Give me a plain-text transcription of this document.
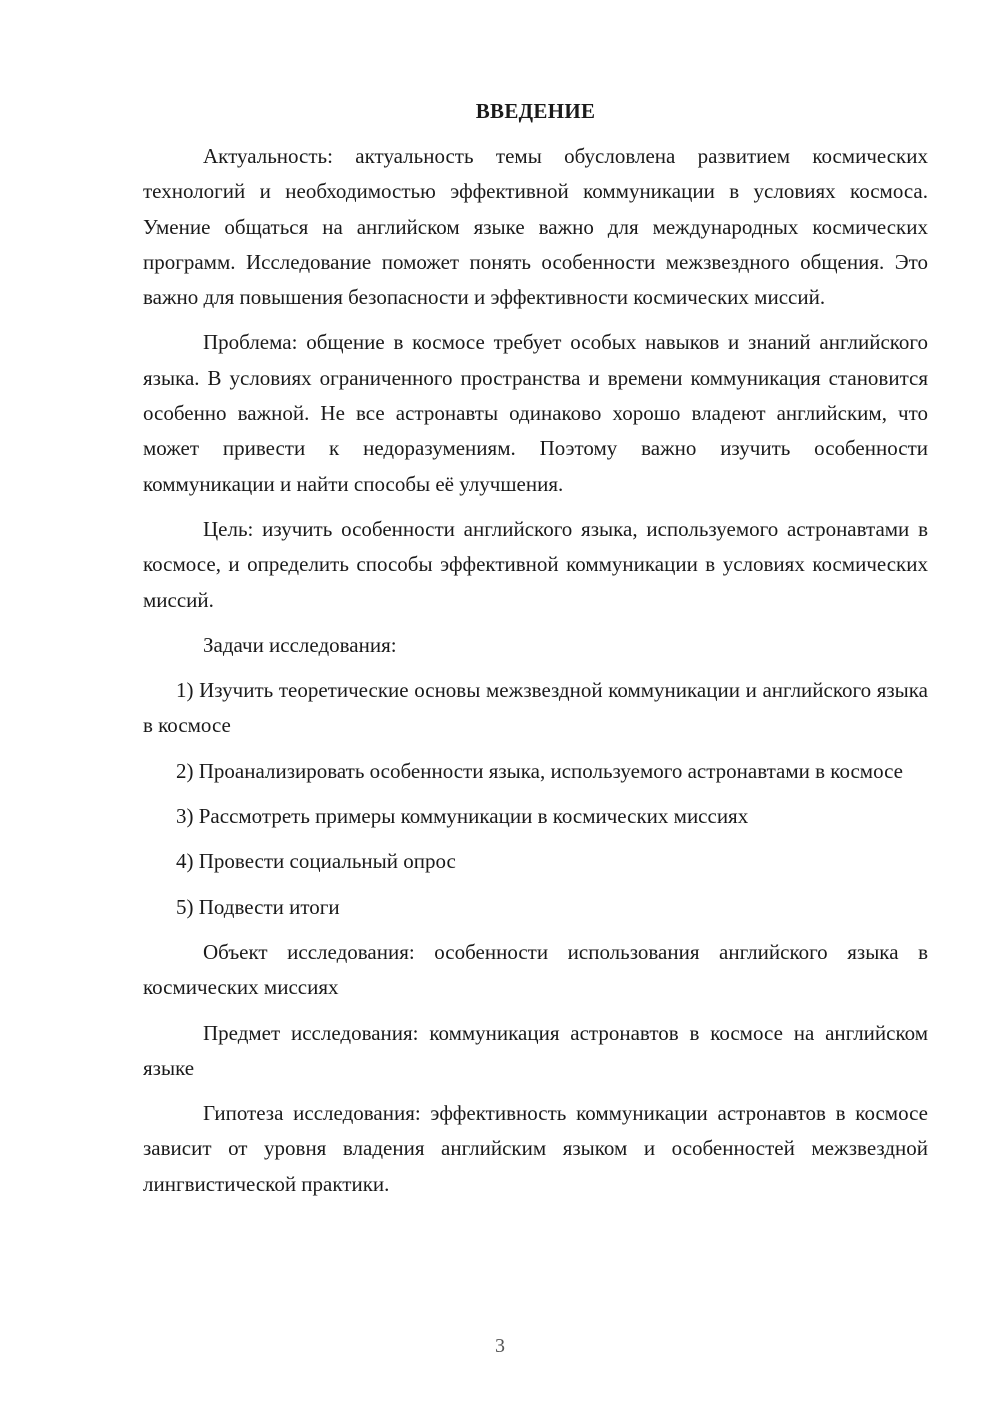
ВВЕДЕНИЕ

Актуальность: актуальность темы обусловлена развитием космических технологий и необходимостью эффективной коммуникации в условиях космоса. Умение общаться на английском языке важно для международных космических программ. Исследование поможет понять особенности межзвездного общения. Это важно для повышения безопасности и эффективности космических миссий.

Проблема: общение в космосе требует особых навыков и знаний английского языка. В условиях ограниченного пространства и времени коммуникация становится особенно важной. Не все астронавты одинаково хорошо владеют английским, что может привести к недоразумениям. Поэтому важно изучить особенности коммуникации и найти способы её улучшения.

Цель: изучить особенности английского языка, используемого астронавтами в космосе, и определить способы эффективной коммуникации в условиях космических миссий.

Задачи исследования:

1) Изучить теоретические основы межзвездной коммуникации и английского языка в космосе

2) Проанализировать особенности языка, используемого астронавтами в космосе

3) Рассмотреть примеры коммуникации в космических миссиях

4) Провести социальный опрос

5) Подвести итоги

Объект исследования: особенности использования английского языка в космических миссиях

Предмет исследования: коммуникация астронавтов в космосе на английском языке

Гипотеза исследования: эффективность коммуникации астронавтов в космосе зависит от уровня владения английским языком и особенностей межзвездной лингвистической практики.

3
